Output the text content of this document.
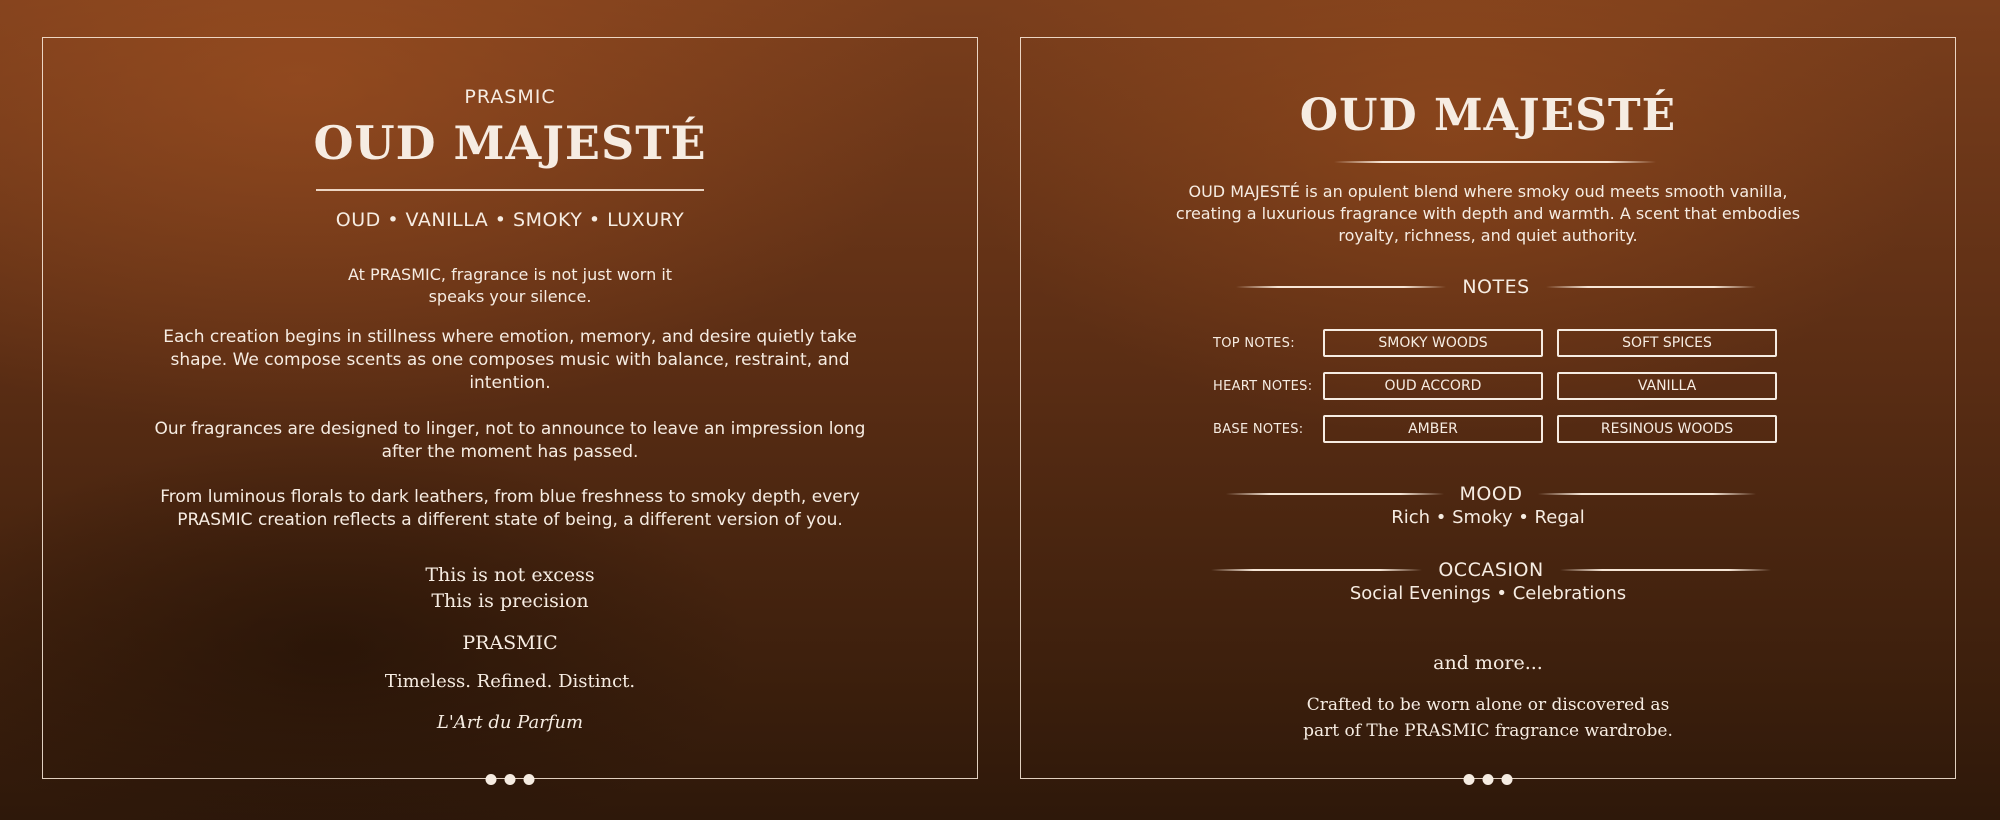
PRASMIC
OUD MAJESTÉ
OUD • VANILLA • SMOKY • LUXURY
At PRASMIC, fragrance is not just worn it
speaks your silence.
Each creation begins in stillness where emotion, memory, and desire quietly take shape. We compose scents as one composes music with balance, restraint, and intention.
Our fragrances are designed to linger, not to announce to leave an impression long after the moment has passed.
From luminous florals to dark leathers, from blue freshness to smoky depth, every PRASMIC creation reflects a different state of being, a different version of you.
This is not excess
This is precision
PRASMIC
Timeless. Refined. Distinct.
L'Art du Parfum
OUD MAJESTÉ
OUD MAJESTÉ is an opulent blend where smoky oud meets smooth vanilla, creating a luxurious fragrance with depth and warmth. A scent that embodies royalty, richness, and quiet authority.
NOTES
TOP NOTES:	SMOKY WOODS	SOFT SPICES
HEART NOTES:	OUD ACCORD	VANILLA
BASE NOTES:	AMBER	RESINOUS WOODS
MOOD
Rich • Smoky • Regal
OCCASION
Social Evenings • Celebrations
and more...
Crafted to be worn alone or discovered as
part of The PRASMIC fragrance wardrobe.
